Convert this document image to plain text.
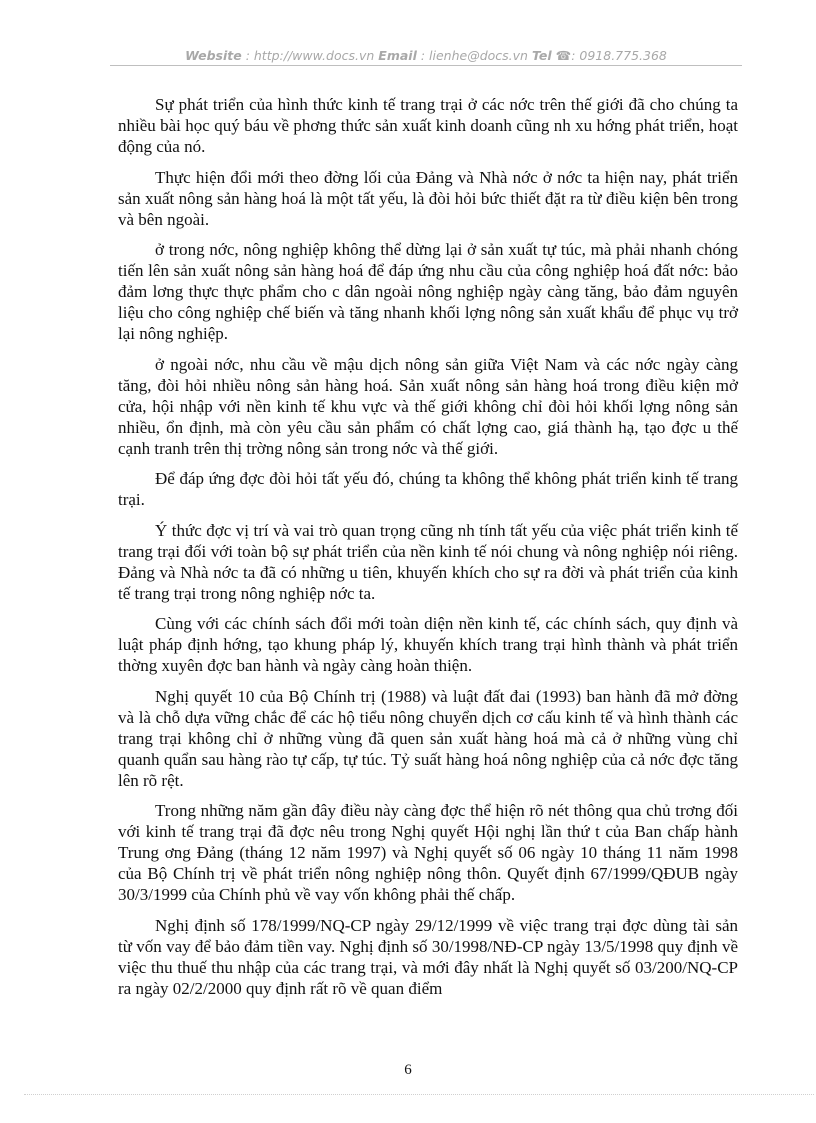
Website : http://www.docs.vn Email : lienhe@docs.vn Tel ☎: 0918.775.368

Sự phát triển của hình thức kinh tế trang trại ở các nớc trên thế giới đã cho chúng ta nhiều bài học quý báu về phơng thức sản xuất kinh doanh cũng nh xu hớng phát triển, hoạt động của nó.

Thực hiện đổi mới theo đờng lối của Đảng và Nhà nớc ở nớc ta hiện nay, phát triển sản xuất nông sản hàng hoá là một tất yếu, là đòi hỏi bức thiết đặt ra từ điều kiện bên trong và bên ngoài.

ở trong nớc, nông nghiệp không thể dừng lại ở sản xuất tự túc, mà phải nhanh chóng tiến lên sản xuất nông sản hàng hoá để đáp ứng nhu cầu của công nghiệp hoá đất nớc: bảo đảm lơng thực thực phẩm cho c dân ngoài nông nghiệp ngày càng tăng, bảo đảm nguyên liệu cho công nghiệp chế biến và tăng nhanh khối lợng nông sản xuất khẩu để phục vụ trở lại nông nghiệp.

ở ngoài nớc, nhu cầu về mậu dịch nông sản giữa Việt Nam và các nớc ngày càng tăng, đòi hỏi nhiều nông sản hàng hoá. Sản xuất nông sản hàng hoá trong điều kiện mở cửa, hội nhập với nền kinh tế khu vực và thế giới không chỉ đòi hỏi khối lợng nông sản nhiều, ổn định, mà còn yêu cầu sản phẩm có chất lợng cao, giá thành hạ, tạo đợc u thế cạnh tranh trên thị trờng nông sản trong nớc và thế giới.

Để đáp ứng đợc đòi hỏi tất yếu đó, chúng ta không thể không phát triển kinh tế trang trại.

Ý thức đợc vị trí và vai trò quan trọng cũng nh tính tất yếu của việc phát triển kinh tế trang trại đối với toàn bộ sự phát triển của nền kinh tế nói chung và nông nghiệp nói riêng. Đảng và Nhà nớc ta đã có những u tiên, khuyến khích cho sự ra đời và phát triển của kinh tế trang trại trong nông nghiệp nớc ta.

Cùng với các chính sách đổi mới toàn diện nền kinh tế, các chính sách, quy định và luật pháp định hớng, tạo khung pháp lý, khuyến khích trang trại hình thành và phát triển thờng xuyên đợc ban hành và ngày càng hoàn thiện.

Nghị quyết 10 của Bộ Chính trị (1988) và luật đất đai (1993) ban hành đã mở đờng và là chỗ dựa vững chắc để các hộ tiểu nông chuyển dịch cơ cấu kinh tế và hình thành các trang trại không chỉ ở những vùng đã quen sản xuất hàng hoá mà cả ở những vùng chỉ quanh quẩn sau hàng rào tự cấp, tự túc. Tỷ suất hàng hoá nông nghiệp của cả nớc đợc tăng lên rõ rệt.

Trong những năm gần đây điều này càng đợc thể hiện rõ nét thông qua chủ trơng đối với kinh tế trang trại đã đợc nêu trong Nghị quyết Hội nghị lần thứ t của Ban chấp hành Trung ơng Đảng (tháng 12 năm 1997) và Nghị quyết số 06 ngày 10 tháng 11 năm 1998 của Bộ Chính trị về phát triển nông nghiệp nông thôn. Quyết định 67/1999/QĐUB ngày 30/3/1999 của Chính phủ về vay vốn không phải thế chấp.

Nghị định số 178/1999/NQ-CP ngày 29/12/1999 về việc trang trại đợc dùng tài sản từ vốn vay để bảo đảm tiền vay. Nghị định số 30/1998/NĐ-CP ngày 13/5/1998 quy định về việc thu thuế thu nhập của các trang trại, và mới đây nhất là Nghị quyết số 03/200/NQ-CP ra ngày 02/2/2000 quy định rất rõ về quan điểm

6
